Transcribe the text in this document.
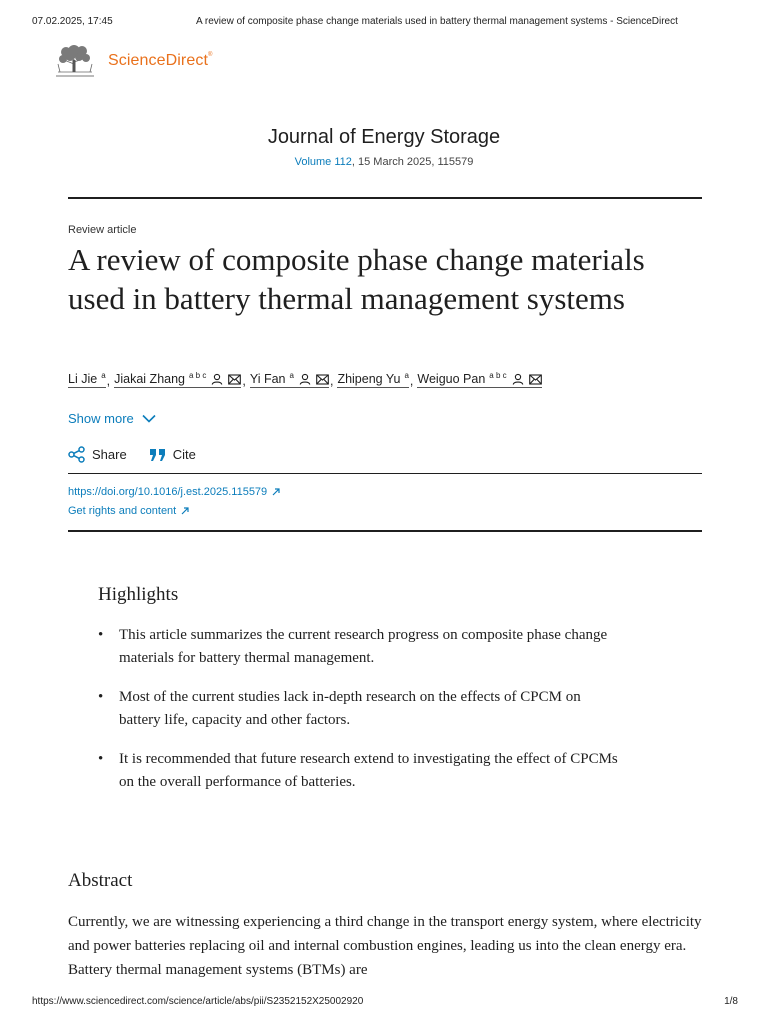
07.02.2025, 17:45	A review of composite phase change materials used in battery thermal management systems - ScienceDirect
ScienceDirect®
Journal of Energy Storage
Volume 112, 15 March 2025, 115579
Review article
A review of composite phase change materials used in battery thermal management systems
Li Jie $^a$ , Jiakai Zhang $^{a b c}$	, Yi Fan $^a$	, Zhipeng Yu $^a$ , Weiguo Pan $^{a b c}$
Show more
Share	Cite
https://doi.org/10.1016/j.est.2025.115579
Get rights and content
Highlights
• This article summarizes the current research progress on composite phase change materials for battery thermal management.
• Most of the current studies lack in-depth research on the effects of CPCM on battery life, capacity and other factors.
• It is recommended that future research extend to investigating the effect of CPCMs on the overall performance of batteries.
Abstract

Currently, we are witnessing experiencing a third change in the transport energy system, where electricity and power batteries replacing oil and internal combustion engines, leading us into the clean energy era. Battery thermal management systems (BTMs) are

https://www.sciencedirect.com/science/article/abs/pii/S2352152X25002920	1/8
